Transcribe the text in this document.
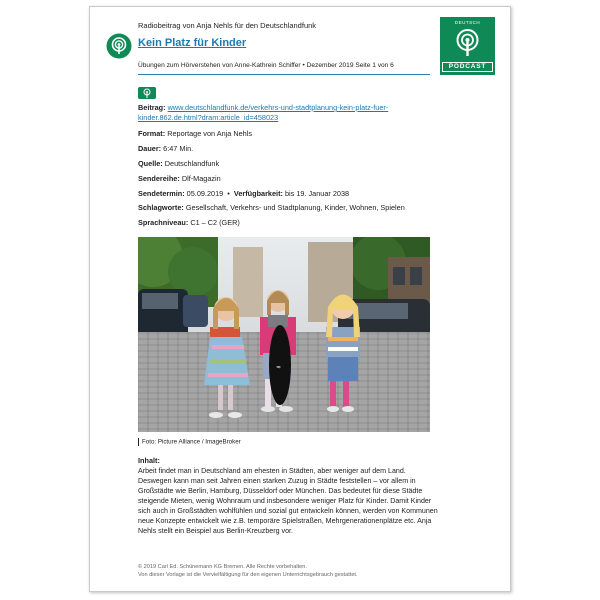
Radiobeitrag von Anja Nehls für den Deutschlandfunk
Kein Platz für Kinder
Übungen zum Hörverstehen von Anne-Kathrein Schiffer • Dezember 2019 Seite 1 von 6
DEUTSCH
PODCAST
Beitrag: www.deutschlandfunk.de/verkehrs-und-stadtplanung-kein-platz-fuer-
kinder.862.de.html?dram:article_id=458023
Format: Reportage von Anja Nehls
Dauer: 6:47 Min.
Quelle: Deutschlandfunk
Sendereihe: Dlf-Magazin
Sendetermin: 05.09.2019  •  Verfügbarkeit: bis 19. Januar 2038
Schlagworte: Gesellschaft, Verkehrs- und Stadtplanung, Kinder, Wohnen, Spielen
Sprachniveau: C1 – C2 (GER)
≈
Foto: Picture Alliance / ImageBroker
Inhalt:
Arbeit findet man in Deutschland am ehesten in Städten, aber weniger auf dem Land. Deswegen kann man seit Jahren einen starken Zuzug in Städte feststellen – vor allem in Großstädte wie Berlin, Hamburg, Düsseldorf oder München. Das bedeutet für diese Städte steigende Mieten, wenig Wohnraum und insbesondere weniger Platz für Kinder. Damit Kinder sich auch in Großstädten wohlfühlen und sozial gut entwickeln können, werden von Kommunen neue Konzepte entwickelt wie z.B. temporäre Spielstraßen, Mehrgenerationenplätze etc. Anja Nehls stellt ein Beispiel aus Berlin-Kreuzberg vor.
© 2019 Carl Ed. Schünemann KG Bremen. Alle Rechte vorbehalten.
Von dieser Vorlage ist die Vervielfältigung für den eigenen Unterrichtsgebrauch gestattet.
